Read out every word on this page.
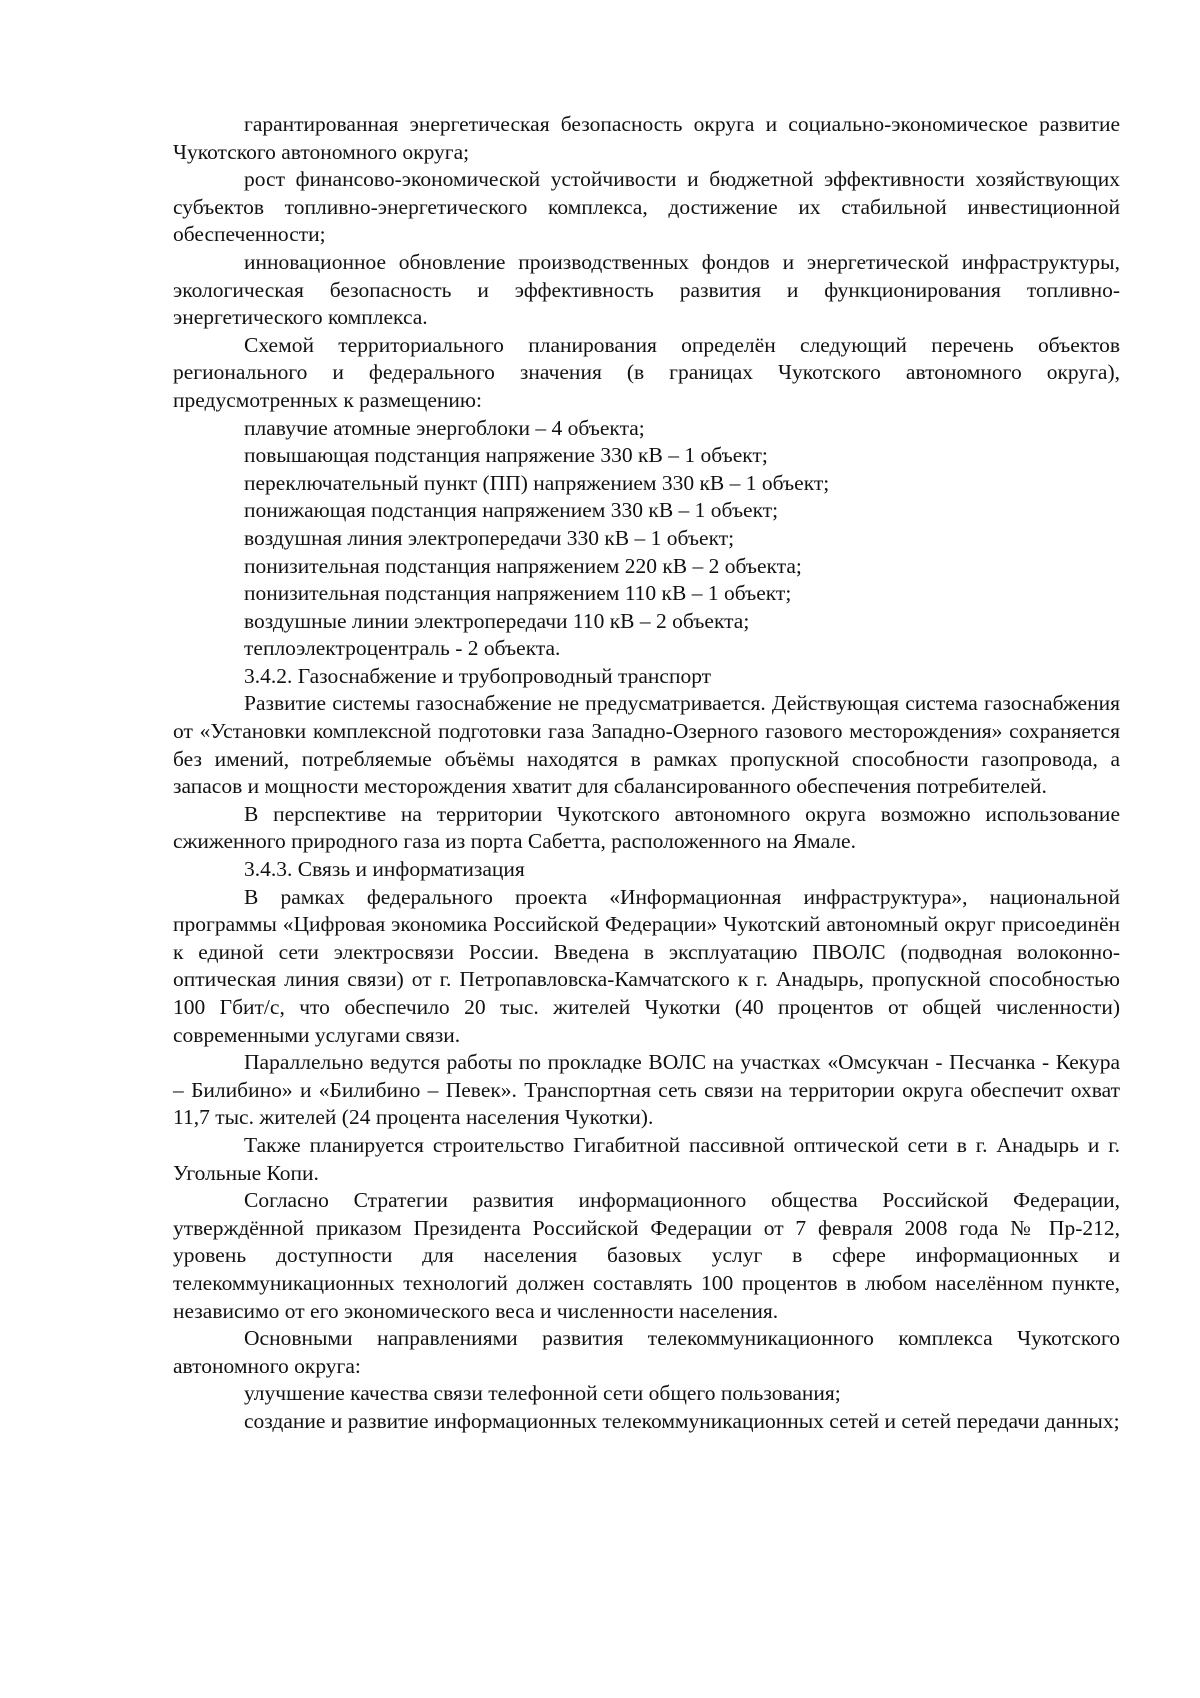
гарантированная энергетическая безопасность округа и социально-экономическое развитие Чукотского автономного округа;

рост финансово-экономической устойчивости и бюджетной эффективности хозяйствующих субъектов топливно-энергетического комплекса, достижение их стабильной инвестиционной обеспеченности;

инновационное обновление производственных фондов и энергетической инфраструктуры, экологическая безопасность и эффективность развития и функционирования топливно-энергетического комплекса.

Схемой территориального планирования определён следующий перечень объектов регионального и федерального значения (в границах Чукотского автономного округа), предусмотренных к размещению:

плавучие атомные энергоблоки – 4 объекта;

повышающая подстанция напряжение 330 кВ – 1 объект;

переключательный пункт (ПП) напряжением 330 кВ – 1 объект;

понижающая подстанция напряжением 330 кВ – 1 объект;

воздушная линия электропередачи 330 кВ – 1 объект;

понизительная подстанция напряжением 220 кВ – 2 объекта;

понизительная подстанция напряжением 110 кВ – 1 объект;

воздушные линии электропередачи 110 кВ – 2 объекта;

теплоэлектроцентраль - 2 объекта.

3.4.2. Газоснабжение и трубопроводный транспорт

Развитие системы газоснабжение не предусматривается. Действующая система газоснабжения от «Установки комплексной подготовки газа Западно-Озерного газового месторождения» сохраняется без имений, потребляемые объёмы находятся в рамках пропускной способности газопровода, а запасов и мощности месторождения хватит для сбалансированного обеспечения потребителей.

В перспективе на территории Чукотского автономного округа возможно использование сжиженного природного газа из порта Сабетта, расположенного на Ямале.

3.4.3. Связь и информатизация

В рамках федерального проекта «Информационная инфраструктура», национальной программы «Цифровая экономика Российской Федерации» Чукотский автономный округ присоединён к единой сети электросвязи России. Введена в эксплуатацию ПВОЛС (подводная волоконно-оптическая линия связи) от г. Петропавловска-Камчатского к г. Анадырь, пропускной способностью 100 Гбит/с, что обеспечило 20 тыс. жителей Чукотки (40 процентов от общей численности) современными услугами связи.

Параллельно ведутся работы по прокладке ВОЛС на участках «Омсукчан - Песчанка - Кекура – Билибино» и «Билибино – Певек». Транспортная сеть связи на территории округа обеспечит охват 11,7 тыс. жителей (24 процента населения Чукотки).

Также планируется строительство Гигабитной пассивной оптической сети в г. Анадырь и г. Угольные Копи.

Согласно Стратегии развития информационного общества Российской Федерации, утверждённой приказом Президента Российской Федерации от 7 февраля 2008 года № Пр-212, уровень доступности для населения базовых услуг в сфере информационных и телекоммуникационных технологий должен составлять 100 процентов в любом населённом пункте, независимо от его экономического веса и численности населения.

Основными направлениями развития телекоммуникационного комплекса Чукотского автономного округа:

улучшение качества связи телефонной сети общего пользования;

создание и развитие информационных телекоммуникационных сетей и сетей передачи данных;
